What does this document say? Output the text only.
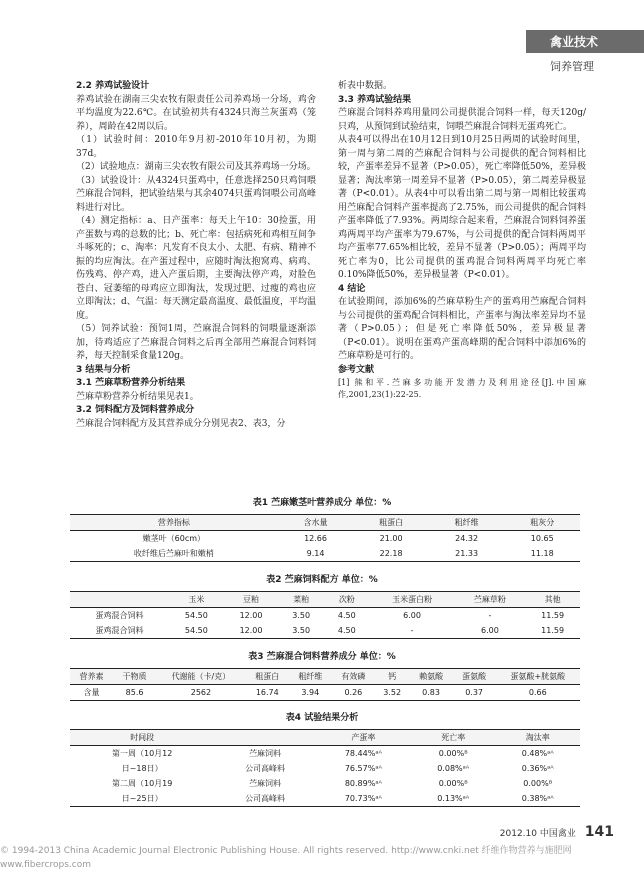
禽业技术
饲养管理

2.2 养鸡试验设计

养鸡试验在湖南三尖农牧有限责任公司养鸡场一分场，鸡舍平均温度为22.6℃。在试验初共有4324只海兰灰蛋鸡（笼养），周龄在42周以后。

（1）试验时间：2010年9月初-2010年10月初，为期37d。

（2）试验地点：湖南三尖农牧有限公司及其养鸡场一分场。

（3）试验设计：从4324只蛋鸡中，任意选择250只鸡饲喂苎麻混合饲料，把试验结果与其余4074只蛋鸡饲喂公司高峰料进行对比。

（4）测定指标：a、日产蛋率：每天上午10：30捡蛋，用产蛋数与鸡的总数的比；b、死亡率：包括病死和鸡相互间争斗啄死的；c、淘率：凡发育不良太小、太肥、有病、精神不振的均应淘汰。在产蛋过程中，应随时淘汰抱窝鸡、病鸡、伤残鸡、停产鸡，进入产蛋后期，主要淘汰停产鸡，对脸色苍白、冠萎缩的母鸡应立即淘汰，发现过肥、过瘦的鸡也应立即淘汰；d、气温：每天测定最高温度、最低温度，平均温度。

（5）饲养试验：预饲1周，苎麻混合饲料的饲喂量逐渐添加，待鸡适应了苎麻混合饲料之后再全部用苎麻混合饲料饲养，每天控制采食量120g。

3 结果与分析

3.1 苎麻草粉营养分析结果

苎麻草粉营养分析结果见表1。

3.2 饲料配方及饲料营养成分

苎麻混合饲料配方及其营养成分分别见表2、表3，分

析表中数据。

3.3 养鸡试验结果

苎麻混合饲料养鸡用量同公司提供混合饲料一样，每天120g/只鸡，从预饲到试验结束，饲喂苎麻混合饲料无蛋鸡死亡。

从表4可以得出在10月12日到10月25日两周的试验时间里，第一周与第二周的苎麻配合饲料与公司提供的配合饲料相比较，产蛋率差异不显著（P>0.05），死亡率降低50%，差异极显著；淘汰率第一周差异不显著（P>0.05），第二周差异极显著（P<0.01）。从表4中可以看出第二周与第一周相比较蛋鸡用苎麻配合饲料产蛋率提高了2.75%，而公司提供的配合饲料产蛋率降低了7.93%。两周综合起来看，苎麻混合饲料饲养蛋鸡两周平均产蛋率为79.67%，与公司提供的配合饲料两周平均产蛋率77.65%相比较，差异不显著（P>0.05）；两周平均死亡率为0，比公司提供的蛋鸡混合饲料两周平均死亡率0.10%降低50%，差异极显著（P<0.01）。

4 结论

在试验期间，添加6%的苎麻草粉生产的蛋鸡用苎麻配合饲料与公司提供的蛋鸡配合饲料相比，产蛋率与淘汰率差异均不显著（P>0.05）；但是死亡率降低50%，差异极显著（P<0.01）。说明在蛋鸡产蛋高峰期的配合饲料中添加6%的苎麻草粉是可行的。

参考文献

[1] 熊和平.苎麻多功能开发潜力及利用途径[J].中国麻作,2001,23(1):22-25.

表1 苎麻嫩茎叶营养成分 单位：%
营养指标	含水量	粗蛋白	粗纤维	粗灰分
嫩茎叶（60cm）	12.66	21.00	24.32	10.65
收纤维后苎麻叶和嫩梢	9.14	22.18	21.33	11.18
表2 苎麻饲料配方 单位：%
	玉米	豆粕	菜粕	次粉	玉米蛋白粉	苎麻草粉	其他
蛋鸡混合饲料	54.50	12.00	3.50	4.50	6.00	-	11.59
蛋鸡混合饲料	54.50	12.00	3.50	4.50	-	6.00	11.59
表3 苎麻混合饲料营养成分 单位：%
营养素	干物质	代谢能（卡/克）	粗蛋白	粗纤维	有效磷	钙	赖氨酸	蛋氨酸	蛋氨酸+胱氨酸
含量	85.6	2562	16.74	3.94	0.26	3.52	0.83	0.37	0.66
表4 试验结果分析
时间段		产蛋率	死亡率	淘汰率
第一周（10月12	苎麻饲料	78.44%ᵃᴬ	0.00%ᴮ	0.48%ᵃᴬ
日~18日）	公司高峰料	76.57%ᵃᴬ	0.08%ᵃᴬ	0.36%ᵃᴬ
第二周（10月19	苎麻饲料	80.89%ᵃᴬ	0.00%ᴮ	0.00%ᴮ
日~25日）	公司高峰料	70.73%ᵃᴬ	0.13%ᵃᴬ	0.38%ᵃᴬ
2012.10 中国禽业 141
© 1994-2013 China Academic Journal Electronic Publishing House. All rights reserved. http://www.cnki.net 纤维作物营养与施肥网 www.fibercrops.com
